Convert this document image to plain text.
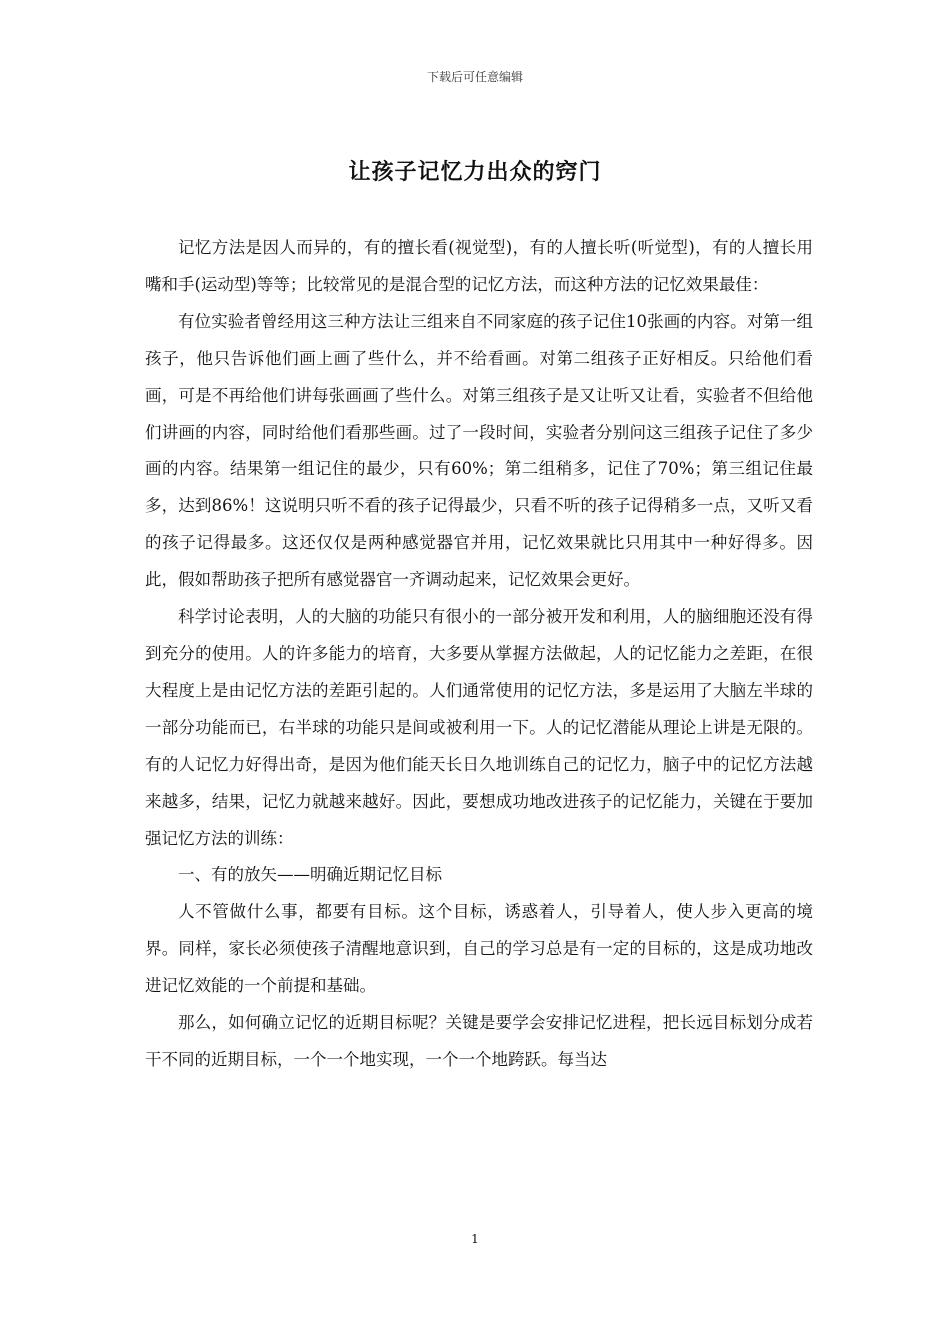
下载后可任意编辑
让孩子记忆力出众的窍门

记忆方法是因人而异的，有的擅长看(视觉型)，有的人擅长听(听觉型)，有的人擅长用嘴和手(运动型)等等；比较常见的是混合型的记忆方法，而这种方法的记忆效果最佳：

有位实验者曾经用这三种方法让三组来自不同家庭的孩子记住10张画的内容。对第一组孩子，他只告诉他们画上画了些什么，并不给看画。对第二组孩子正好相反。只给他们看画，可是不再给他们讲每张画画了些什么。对第三组孩子是又让听又让看，实验者不但给他们讲画的内容，同时给他们看那些画。过了一段时间，实验者分别问这三组孩子记住了多少画的内容。结果第一组记住的最少，只有60%；第二组稍多，记住了70%；第三组记住最多，达到86%！这说明只听不看的孩子记得最少，只看不听的孩子记得稍多一点，又听又看的孩子记得最多。这还仅仅是两种感觉器官并用，记忆效果就比只用其中一种好得多。因此，假如帮助孩子把所有感觉器官一齐调动起来，记忆效果会更好。

科学讨论表明，人的大脑的功能只有很小的一部分被开发和利用，人的脑细胞还没有得到充分的使用。人的许多能力的培育，大多要从掌握方法做起，人的记忆能力之差距，在很大程度上是由记忆方法的差距引起的。人们通常使用的记忆方法，多是运用了大脑左半球的一部分功能而已，右半球的功能只是间或被利用一下。人的记忆潜能从理论上讲是无限的。有的人记忆力好得出奇，是因为他们能天长日久地训练自己的记忆力，脑子中的记忆方法越来越多，结果，记忆力就越来越好。因此，要想成功地改进孩子的记忆能力，关键在于要加强记忆方法的训练：

一、有的放矢——明确近期记忆目标

人不管做什么事，都要有目标。这个目标，诱惑着人，引导着人，使人步入更高的境界。同样，家长必须使孩子清醒地意识到，自己的学习总是有一定的目标的，这是成功地改进记忆效能的一个前提和基础。

那么，如何确立记忆的近期目标呢？关键是要学会安排记忆进程，把长远目标划分成若干不同的近期目标，一个一个地实现，一个一个地跨跃。每当达

1
